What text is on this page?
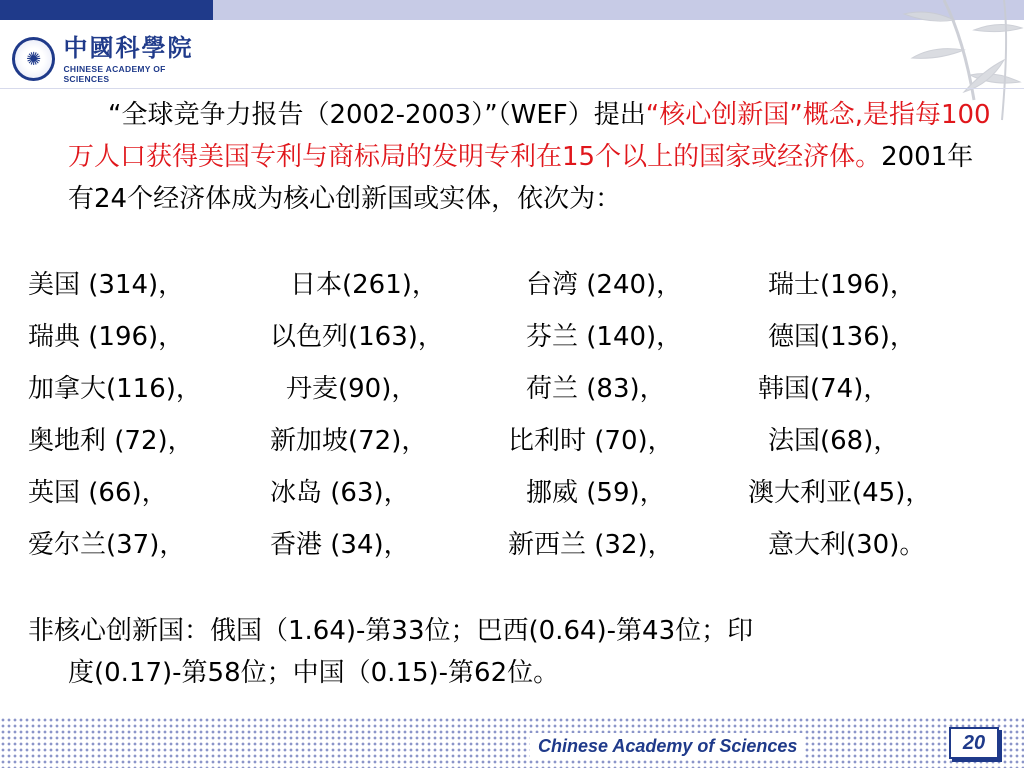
✺ 中國科學院
CHINESE ACADEMY OF SCIENCES
“全球竞争力报告（2002-2003）”（WEF）提出“核心创新国”概念,是指每100万人口获得美国专利与商标局的发明专利在15个以上的国家或经济体。2001年有24个经济体成为核心创新国或实体，依次为：
美国 (314)，	日本(261)，	台湾 (240)，	瑞士(196)，
瑞典 (196)，	以色列(163)，	芬兰 (140)，	德国(136)，
加拿大(116)，	丹麦(90)，	荷兰 (83)，	韩国(74)，
奥地利 (72)，	新加坡(72)，	比利时 (70)，	法国(68)，
英国 (66)，	冰岛 (63)，	挪威 (59)，	澳大利亚(45)，
爱尔兰(37)，	香港 (34)，	新西兰 (32)，	意大利(30)。
非核心创新国：俄国（1.64)-第33位；巴西(0.64)-第43位；印
度(0.17)-第58位；中国（0.15)-第62位。
Chinese Academy of Sciences	20
